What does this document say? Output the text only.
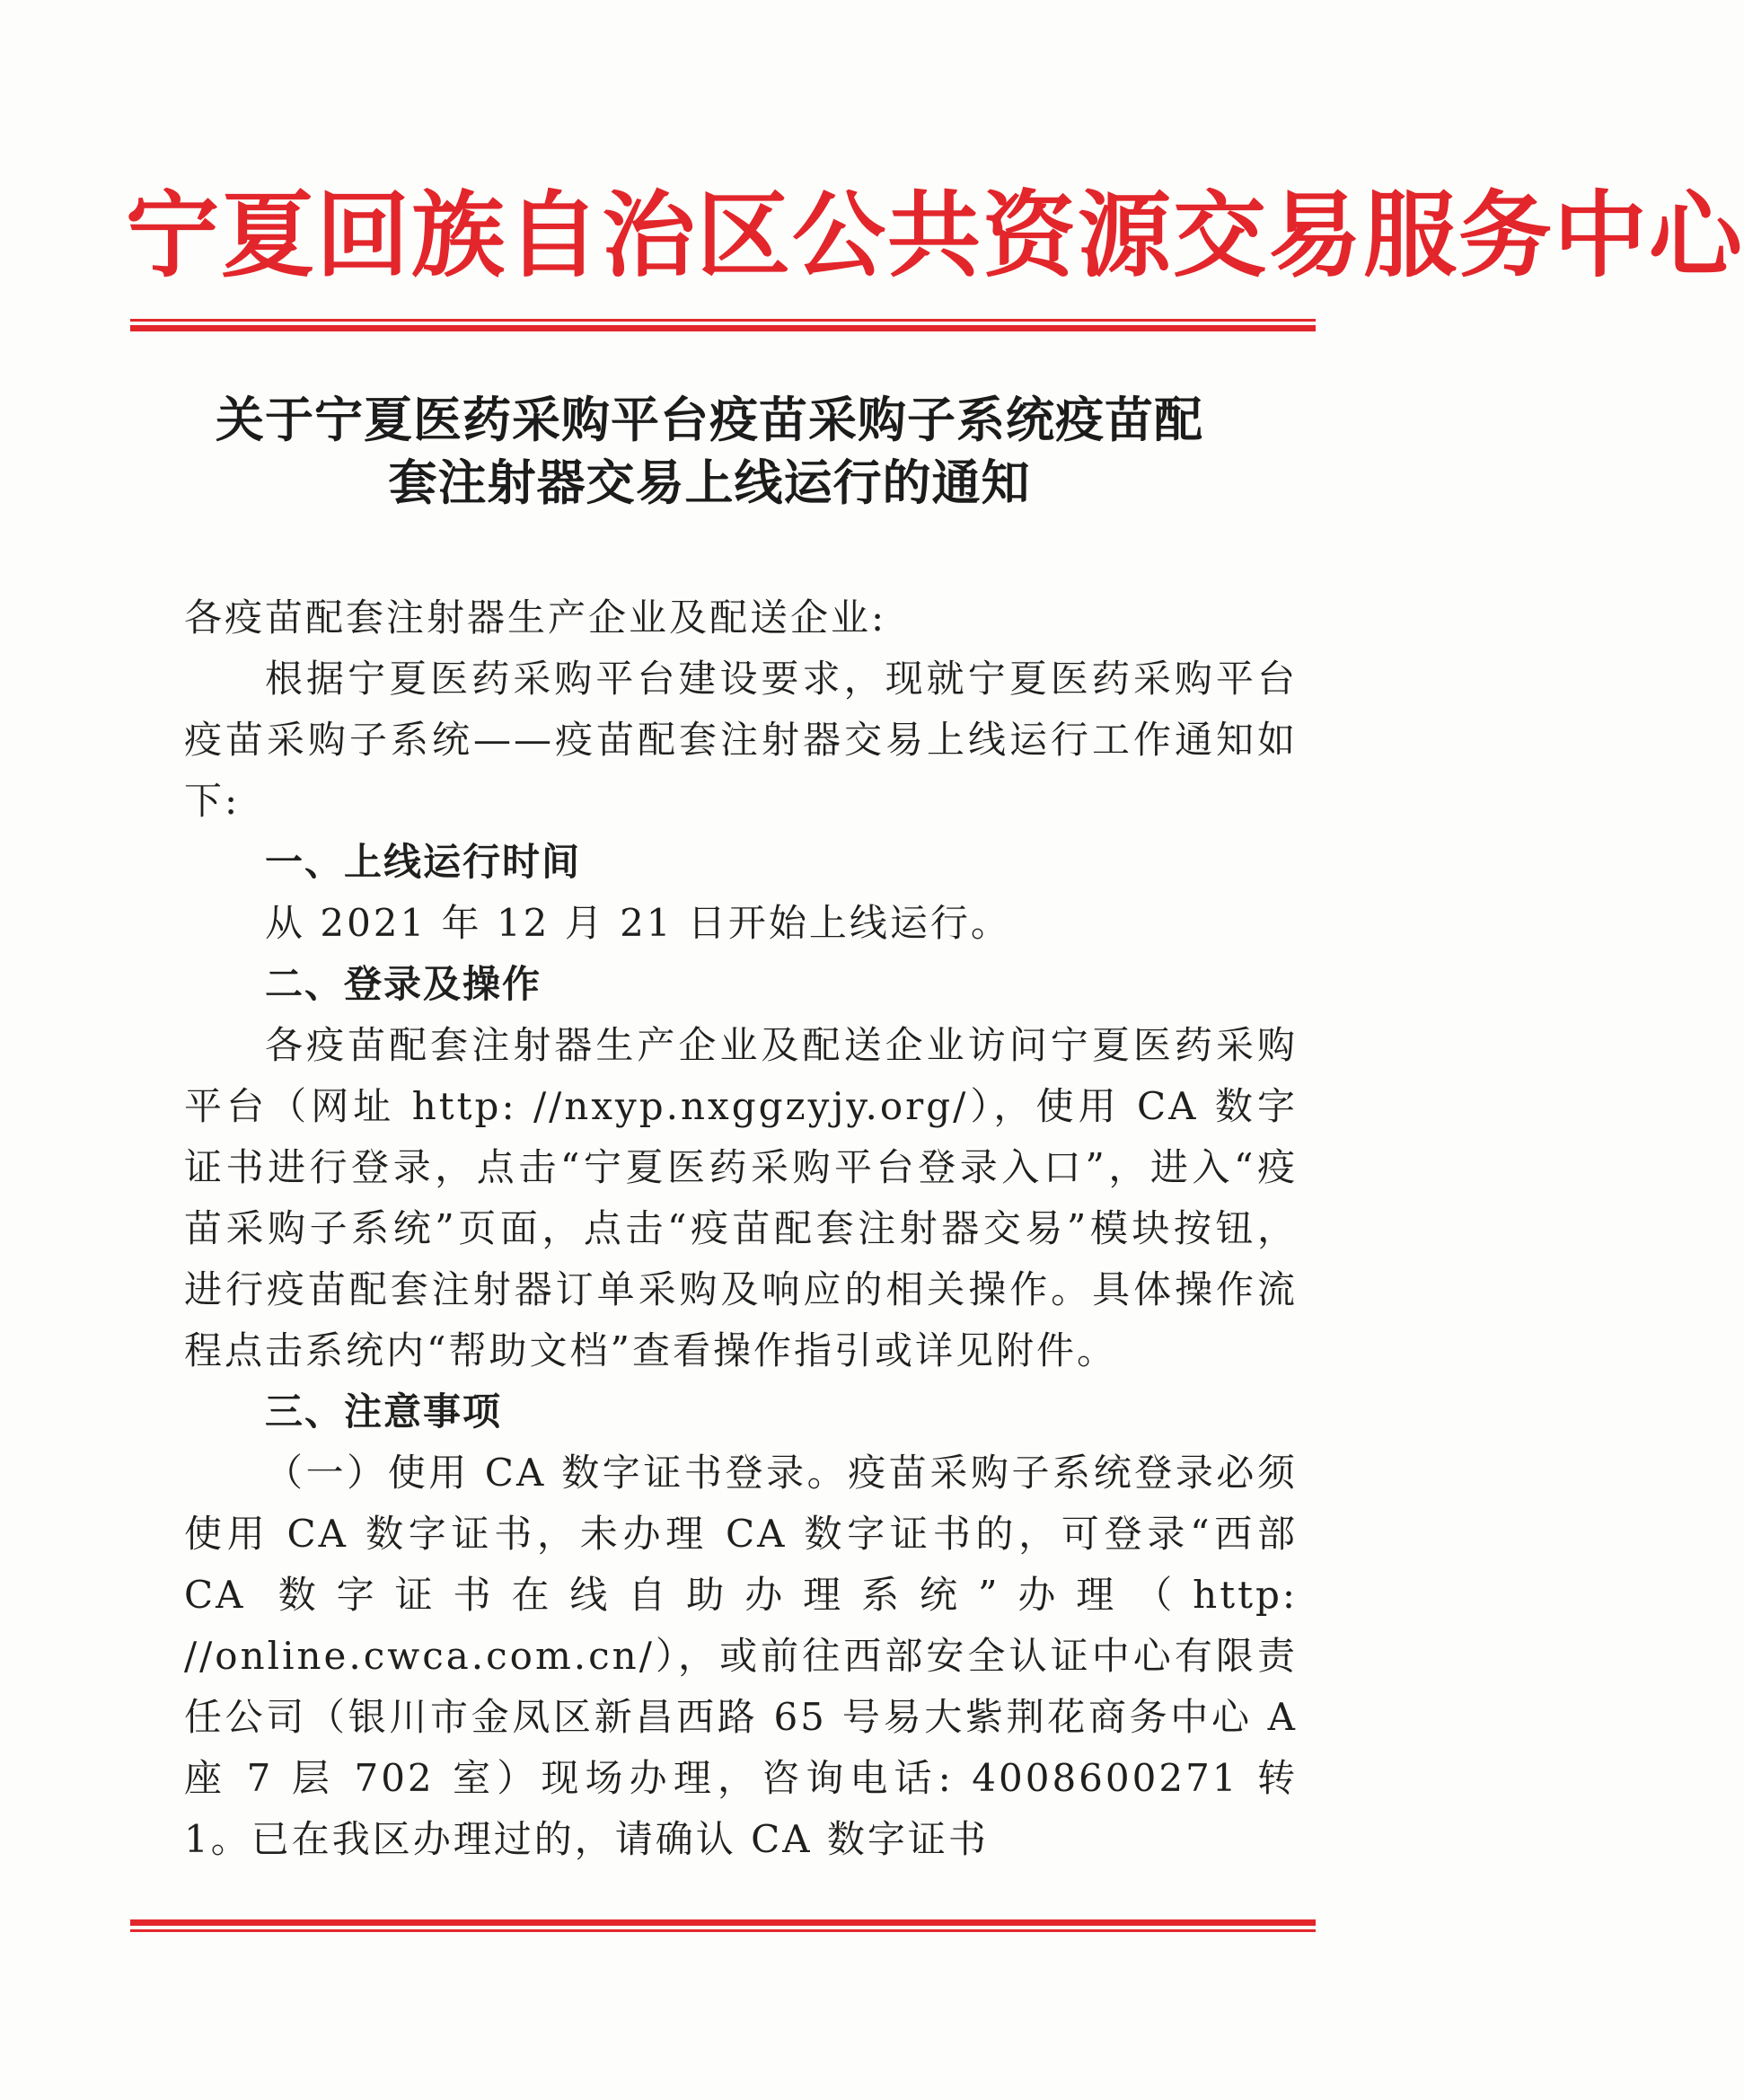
宁夏回族自治区公共资源交易服务中心
关于宁夏医药采购平台疫苗采购子系统疫苗配
套注射器交易上线运行的通知

各疫苗配套注射器生产企业及配送企业:

根据宁夏医药采购平台建设要求，现就宁夏医药采购平台疫苗采购子系统——疫苗配套注射器交易上线运行工作通知如下:

一、上线运行时间

从 2021 年 12 月 21 日开始上线运行。

二、登录及操作

各疫苗配套注射器生产企业及配送企业访问宁夏医药采购平台（网址 http: //nxyp.nxggzyjy.org/），使用 CA 数字证书进行登录，点击“宁夏医药采购平台登录入口”，进入“疫苗采购子系统”页面，点击“疫苗配套注射器交易”模块按钮，进行疫苗配套注射器订单采购及响应的相关操作。具体操作流程点击系统内“帮助文档”查看操作指引或详见附件。

三、注意事项

（一）使用 CA 数字证书登录。疫苗采购子系统登录必须使用 CA 数字证书，未办理 CA 数字证书的，可登录“西部 CA 数字证书在线自助办理系统”办理（http: //online.cwca.com.cn/），或前往西部安全认证中心有限责任公司（银川市金凤区新昌西路 65 号易大紫荆花商务中心 A 座 7 层 702 室）现场办理，咨询电话: 4008600271 转 1。已在我区办理过的，请确认 CA 数字证书
